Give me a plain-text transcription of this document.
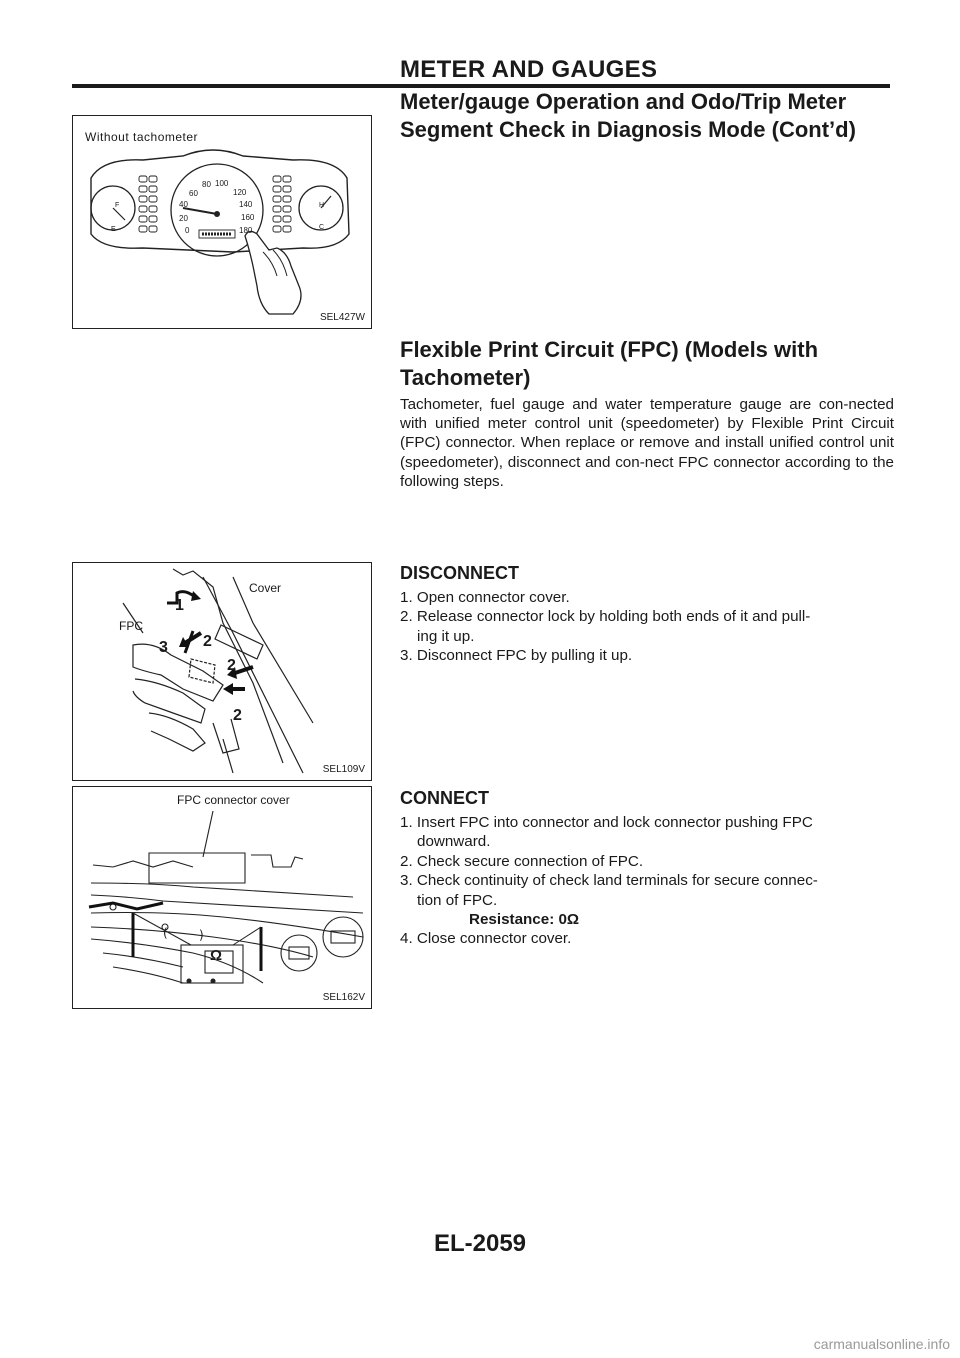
METER AND GAUGES
Meter/gauge Operation and Odo/Trip Meter Segment Check in Diagnosis Mode (Cont’d)
Without tachometer
80 100
60	120
40	140
20	160
0	180
F
E
H
C
SEL427W
Flexible Print Circuit (FPC) (Models with Tachometer)
Tachometer, fuel gauge and water temperature gauge are con-nected with unified meter control unit (speedometer) by Flexible Print Circuit (FPC) connector. When replace or remove and install unified control unit (speedometer), disconnect and con-nect FPC connector according to the following steps.
Cover
FPC
1
2
3
2
2
SEL109V
DISCONNECT
1. Open connector cover.
2. Release connector lock by holding both ends of it and pull-
ing it up.
3. Disconnect FPC by pulling it up.
(	)
FPC connector cover
Ω
SEL162V
CONNECT
1. Insert FPC into connector and lock connector pushing FPC
downward.
2. Check secure connection of FPC.
3. Check continuity of check land terminals for secure connec-
tion of FPC.
Resistance: 0Ω
4. Close connector cover.
EL-2059
carmanualsonline.info
